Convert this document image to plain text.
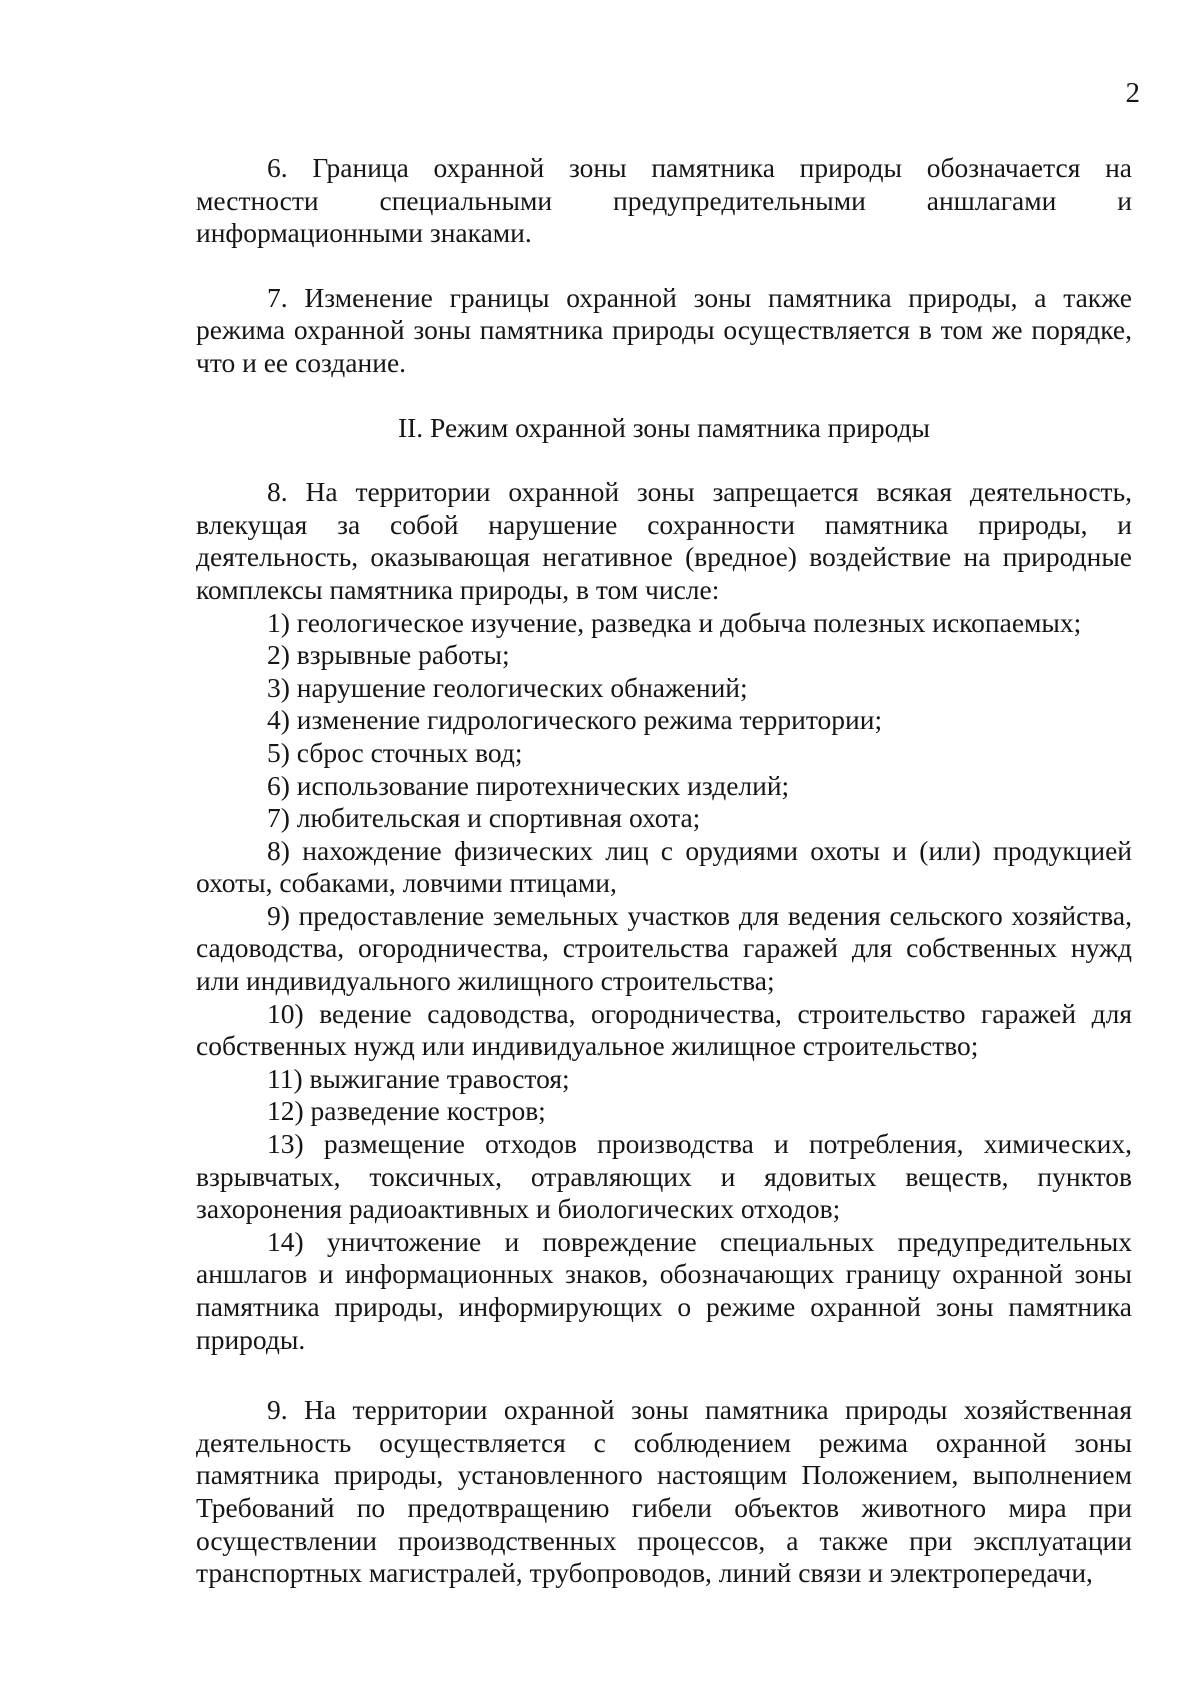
2

6. Граница охранной зоны памятника природы обозначается на местности специальными предупредительными аншлагами и информационными знаками.

7. Изменение границы охранной зоны памятника природы, а также режима охранной зоны памятника природы осуществляется в том же порядке, что и ее создание.

II. Режим охранной зоны памятника природы

8. На территории охранной зоны запрещается всякая деятельность, влекущая за собой нарушение сохранности памятника природы, и деятельность, оказывающая негативное (вредное) воздействие на природные комплексы памятника природы, в том числе:

1) геологическое изучение, разведка и добыча полезных ископаемых;

2) взрывные работы;

3) нарушение геологических обнажений;

4) изменение гидрологического режима территории;

5) сброс сточных вод;

6) использование пиротехнических изделий;

7) любительская и спортивная охота;

8) нахождение физических лиц с орудиями охоты и (или) продукцией охоты, собаками, ловчими птицами,

9) предоставление земельных участков для ведения сельского хозяйства, садоводства, огородничества, строительства гаражей для собственных нужд или индивидуального жилищного строительства;

10) ведение садоводства, огородничества, строительство гаражей для собственных нужд или индивидуальное жилищное строительство;

11) выжигание травостоя;

12) разведение костров;

13) размещение отходов производства и потребления, химических, взрывчатых, токсичных, отравляющих и ядовитых веществ, пунктов захоронения радиоактивных и биологических отходов;

14) уничтожение и повреждение специальных предупредительных аншлагов и информационных знаков, обозначающих границу охранной зоны памятника природы, информирующих о режиме охранной зоны памятника природы.

9. На территории охранной зоны памятника природы хозяйственная деятельность осуществляется с соблюдением режима охранной зоны памятника природы, установленного настоящим Положением, выполнением Требований по предотвращению гибели объектов животного мира при осуществлении производственных процессов, а также при эксплуатации транспортных магистралей, трубопроводов, линий связи и электропередачи,
